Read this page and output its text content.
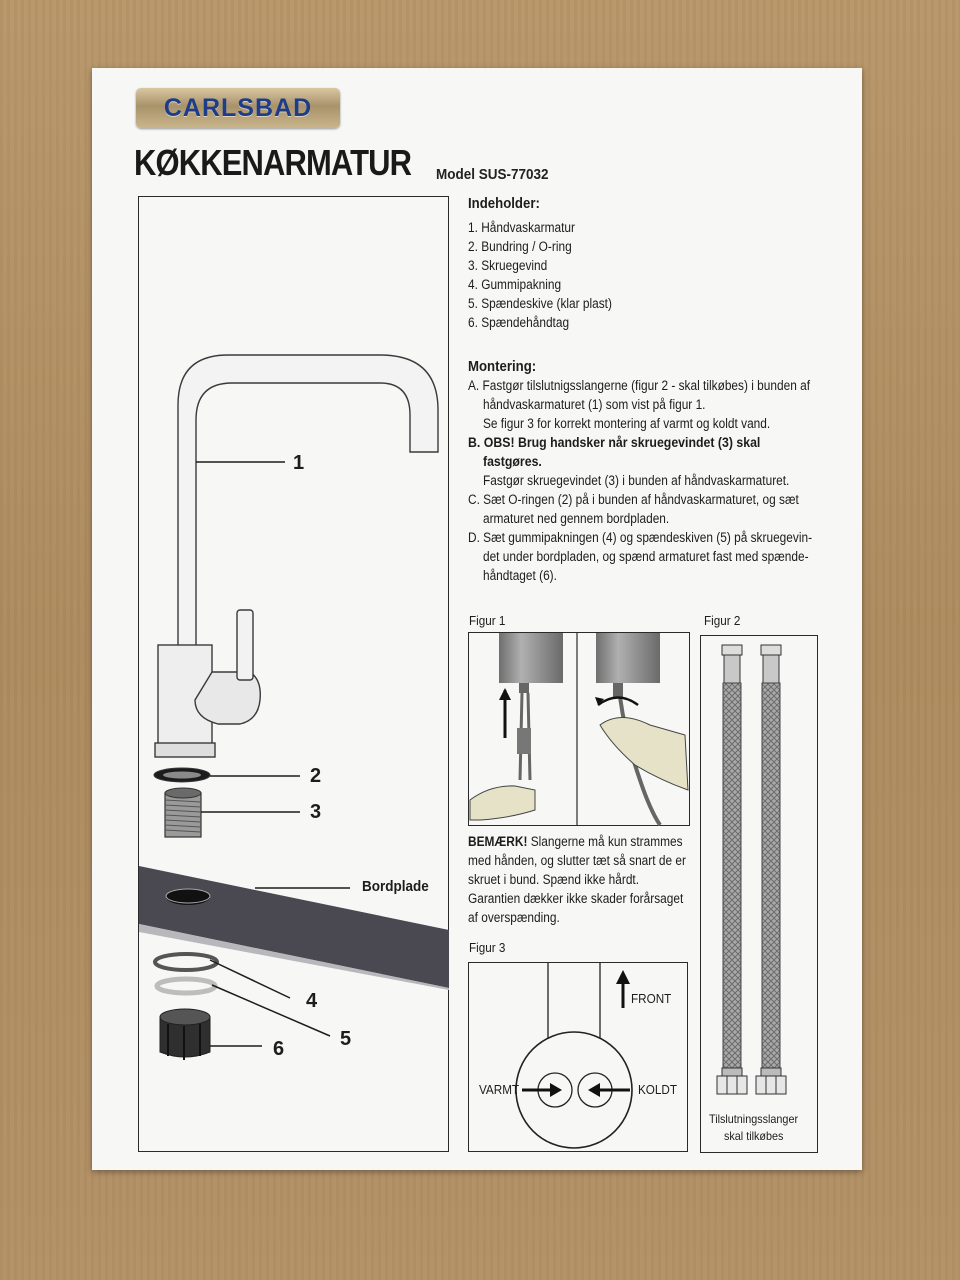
CARLSBAD
KØKKENARMATUR Model SUS-77032
1
2
3
Bordplade
4
5
6
Indeholder:
1. Håndvaskarmatur
2. Bundring / O-ring
3. Skruegevind
4. Gummipakning
5. Spændeskive (klar plast)
6. Spændehåndtag
Montering:
A. Fastgør tilslutnigsslangerne (figur 2 - skal tilkøbes) i bunden af
håndvaskarmaturet (1) som vist på figur 1.
Se figur 3 for korrekt montering af varmt og koldt vand.
B. OBS! Brug handsker når skruegevindet (3) skal
fastgøres.
Fastgør skruegevindet (3) i bunden af håndvaskarmaturet.
C. Sæt O-ringen (2) på i bunden af håndvaskarmaturet, og sæt
armaturet ned gennem bordpladen.
D. Sæt gummipakningen (4) og spændeskiven (5) på skruegevin-
det under bordpladen, og spænd armaturet fast med spænde-
håndtaget (6).
Figur 1
BEMÆRK! Slangerne må kun strammes
med hånden, og slutter tæt så snart de er
skruet i bund. Spænd ikke hårdt.
Garantien dækker ikke skader forårsaget
af overspænding.
Figur 2
Tilslutningsslanger
skal tilkøbes
Figur 3
FRONT
VARMT	KOLDT
